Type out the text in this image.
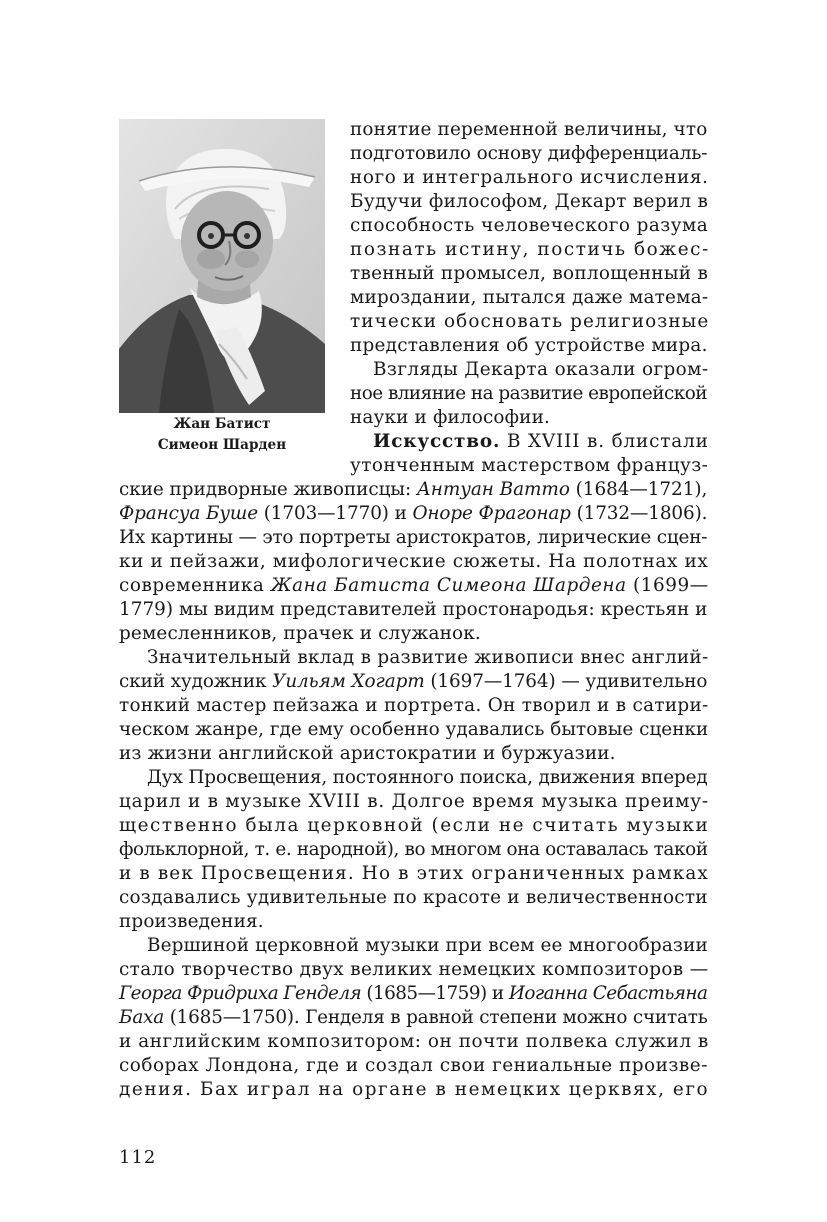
Жан Батист
Симеон Шарден
понятие переменной величины, что
подготовило основу дифференциаль-
ного и интегрального исчисления.
Будучи философом, Декарт верил в
способность человеческого разума
познать истину, постичь божес-
твенный промысел, воплощенный в
мироздании, пытался даже матема-
тически обосновать религиозные
представления об устройстве мира.
Взгляды Декарта оказали огром-
ное влияние на развитие европейской
науки и философии.
Искусство. В XVIII в. блистали
утонченным мастерством француз-
ские придворные живописцы: Антуан Ватто (1684—1721),
Франсуа Буше (1703—1770) и Оноре Фрагонар (1732—1806).
Их картины — это портреты аристократов, лирические сцен-
ки и пейзажи, мифологические сюжеты. На полотнах их
современника Жана Батиста Симеона Шардена (1699—
1779) мы видим представителей простонародья: крестьян и
ремесленников, прачек и служанок.
Значительный вклад в развитие живописи внес англий-
ский художник Уильям Хогарт (1697—1764) — удивительно
тонкий мастер пейзажа и портрета. Он творил и в сатири-
ческом жанре, где ему особенно удавались бытовые сценки
из жизни английской аристократии и буржуазии.
Дух Просвещения, постоянного поиска, движения вперед
царил и в музыке XVIII в. Долгое время музыка преиму-
щественно была церковной (если не считать музыки
фольклорной, т. е. народной), во многом она оставалась такой
и в век Просвещения. Но в этих ограниченных рамках
создавались удивительные по красоте и величественности
произведения.
Вершиной церковной музыки при всем ее многообразии
стало творчество двух великих немецких композиторов —
Георга Фридриха Генделя (1685—1759) и Иоганна Себастьяна
Баха (1685—1750). Генделя в равной степени можно считать
и английским композитором: он почти полвека служил в
соборах Лондона, где и создал свои гениальные произве-
дения. Бах играл на органе в немецких церквях, его
112
